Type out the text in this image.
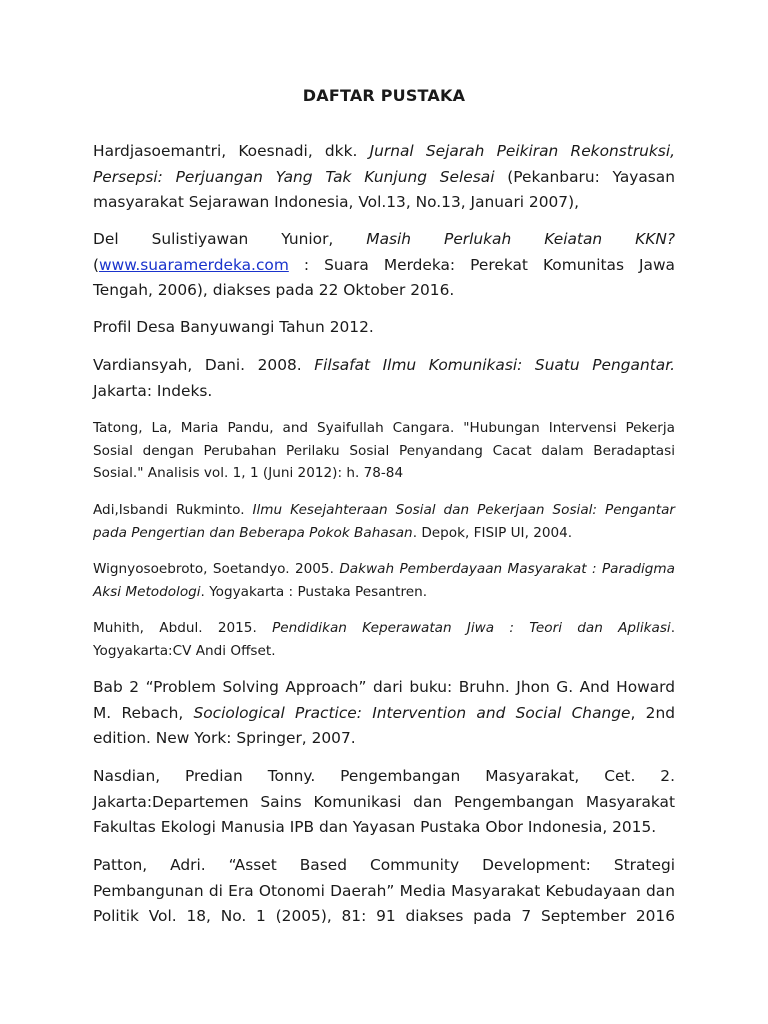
DAFTAR PUSTAKA

Hardjasoemantri, Koesnadi, dkk. Jurnal Sejarah Peikiran Rekonstruksi, Persepsi: Perjuangan Yang Tak Kunjung Selesai (Pekanbaru: Yayasan masyarakat Sejarawan Indonesia, Vol.13, No.13, Januari 2007),

Del Sulistiyawan Yunior, Masih Perlukah Keiatan KKN? (www.suaramerdeka.com : Suara Merdeka: Perekat Komunitas Jawa Tengah, 2006), diakses pada 22 Oktober 2016.

Profil Desa Banyuwangi Tahun 2012.

Vardiansyah, Dani. 2008. Filsafat Ilmu Komunikasi: Suatu Pengantar. Jakarta: Indeks.

Tatong, La, Maria Pandu, and Syaifullah Cangara. "Hubungan Intervensi Pekerja Sosial dengan Perubahan Perilaku Sosial Penyandang Cacat dalam Beradaptasi Sosial." Analisis vol. 1, 1 (Juni 2012): h. 78-84

Adi,Isbandi Rukminto. Ilmu Kesejahteraan Sosial dan Pekerjaan Sosial: Pengantar pada Pengertian dan Beberapa Pokok Bahasan. Depok, FISIP UI, 2004.

Wignyosoebroto, Soetandyo. 2005. Dakwah Pemberdayaan Masyarakat : Paradigma Aksi Metodologi. Yogyakarta : Pustaka Pesantren.

Muhith, Abdul. 2015. Pendidikan Keperawatan Jiwa : Teori dan Aplikasi. Yogyakarta:CV Andi Offset.

Bab 2 “Problem Solving Approach” dari buku: Bruhn. Jhon G. And Howard M. Rebach, Sociological Practice: Intervention and Social Change, 2nd edition. New York: Springer, 2007.

Nasdian, Predian Tonny. Pengembangan Masyarakat, Cet. 2. Jakarta:Departemen Sains Komunikasi dan Pengembangan Masyarakat Fakultas Ekologi Manusia IPB dan Yayasan Pustaka Obor Indonesia, 2015.

Patton, Adri. “Asset Based Community Development: Strategi Pembangunan di Era Otonomi Daerah” Media Masyarakat Kebudayaan dan Politik Vol. 18, No. 1 (2005), 81: 91 diakses pada 7 September 2016
